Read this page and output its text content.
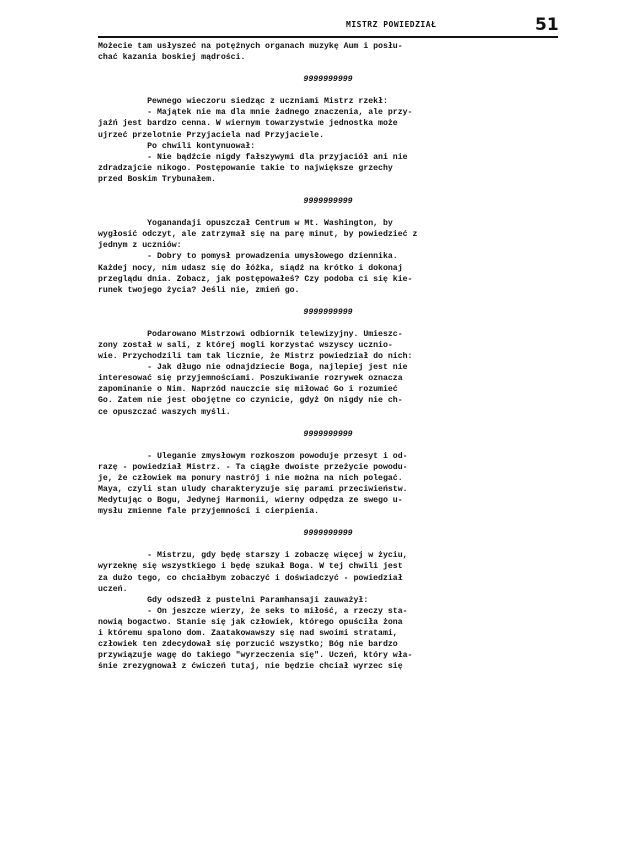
MISTRZ POWIEDZIAŁ	51

Możecie tam usłyszeć na potężnych organach muzykę Aum i posłu-

chać kazania boskiej mądrości.

9999999999

Pewnego wieczoru siedząc z uczniami Mistrz rzekł:

- Majątek nie ma dla mnie żadnego znaczenia, ale przy-

jaźń jest bardzo cenna. W wiernym towarzystwie jednostka może

ujrzeć przelotnie Przyjaciela nad Przyjaciele.

Po chwili kontynuował:

- Nie bądźcie nigdy fałszywymi dla przyjaciół ani nie

zdradzajcie nikogo. Postępowanie takie to największe grzechy

przed Boskim Trybunałem.

9999999999

Yoganandaji opuszczał Centrum w Mt. Washington, by

wygłosić odczyt, ale zatrzymał się na parę minut, by powiedzieć z

jednym z uczniów:

- Dobry to pomysł prowadzenia umysłowego dziennika.

Każdej nocy, nim udasz się do łóżka, siądź na krótko i dokonaj

przeglądu dnia. Zobacz, jak postępowałeś? Czy podoba ci się kie-

runek twojego życia? Jeśli nie, zmień go.

9999999999

Podarowano Mistrzowi odbiornik telewizyjny. Umieszc-

zony został w sali, z której mogli korzystać wszyscy ucznio-

wie. Przychodzili tam tak licznie, że Mistrz powiedział do nich:

- Jak długo nie odnajdziecie Boga, najlepiej jest nie

interesować się przyjemnościami. Poszukiwanie rozrywek oznacza

zapominanie o Nim. Naprzód nauczcie się miłować Go i rozumieć

Go. Zatem nie jest obojętne co czynicie, gdyż On nigdy nie ch-

ce opuszczać waszych myśli.

9999999999

- Uleganie zmysłowym rozkoszom powoduje przesyt i od-

razę - powiedział Mistrz. - Ta ciągłe dwoiste przeżycie powodu-

je, że człowiek ma ponury nastrój i nie można na nich polegać.

Maya, czyli stan uludy charakteryzuje się parami przeciwieństw.

Medytując o Bogu, Jedynej Harmonii, wierny odpędza ze swego u-

mysłu zmienne fale przyjemności i cierpienia.

9999999999

- Mistrzu, gdy będę starszy i zobaczę więcej w życiu,

wyrzeknę się wszystkiego i będę szukał Boga. W tej chwili jest

za dużo tego, co chciałbym zobaczyć i doświadczyć - powiedział

uczeń.

Gdy odszedł z pustelni Paramhansaji zauważył:

- On jeszcze wierzy, że seks to miłość, a rzeczy sta-

nowią bogactwo. Stanie się jak człowiek, którego opuściła żona

i któremu spalono dom. Zaatakowawszy się nad swoimi stratami,

człowiek ten zdecydował się porzucić wszystko; Bóg nie bardzo

przywiązuje wagę do takiego "wyrzeczenia się". Uczeń, który wła-

śnie zrezygnował z ćwiczeń tutaj, nie będzie chciał wyrzec się
